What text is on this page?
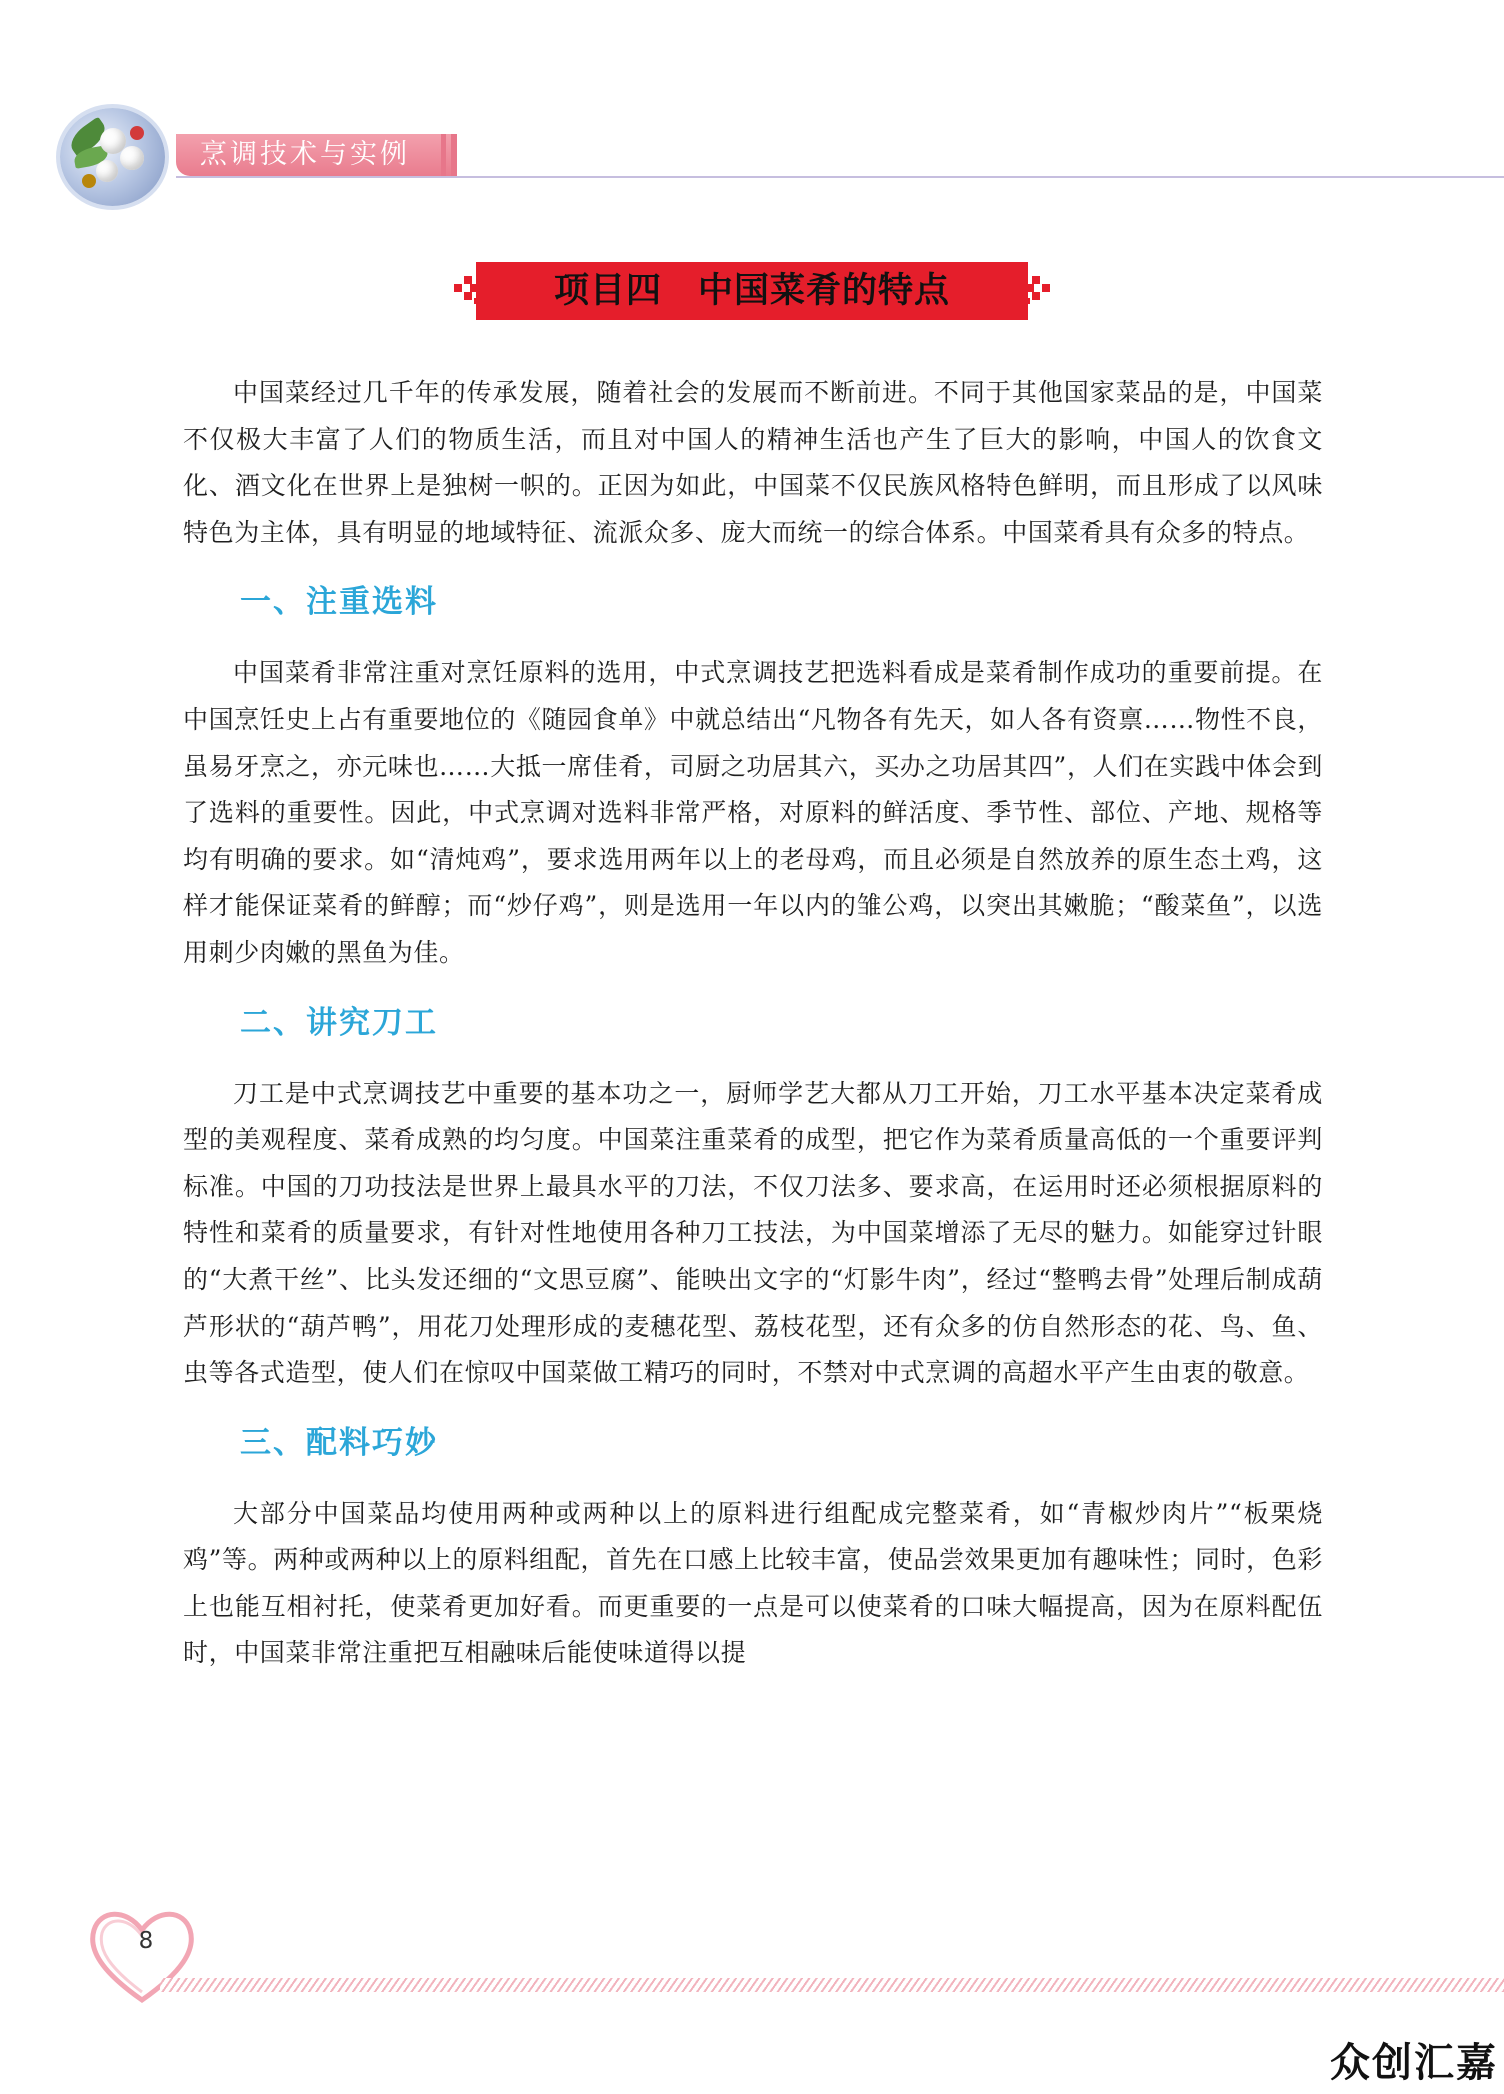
烹调技术与实例
项目四　中国菜肴的特点

中国菜经过几千年的传承发展，随着社会的发展而不断前进。不同于其他国家菜品的是，中国菜不仅极大丰富了人们的物质生活，而且对中国人的精神生活也产生了巨大的影响，中国人的饮食文化、酒文化在世界上是独树一帜的。正因为如此，中国菜不仅民族风格特色鲜明，而且形成了以风味特色为主体，具有明显的地域特征、流派众多、庞大而统一的综合体系。中国菜肴具有众多的特点。

一、注重选料

中国菜肴非常注重对烹饪原料的选用，中式烹调技艺把选料看成是菜肴制作成功的重要前提。在中国烹饪史上占有重要地位的《随园食单》中就总结出“凡物各有先天，如人各有资禀……物性不良，虽易牙烹之，亦元味也……大抵一席佳肴，司厨之功居其六，买办之功居其四”，人们在实践中体会到了选料的重要性。因此，中式烹调对选料非常严格，对原料的鲜活度、季节性、部位、产地、规格等均有明确的要求。如“清炖鸡”，要求选用两年以上的老母鸡，而且必须是自然放养的原生态土鸡，这样才能保证菜肴的鲜醇；而“炒仔鸡”，则是选用一年以内的雏公鸡，以突出其嫩脆；“酸菜鱼”，以选用刺少肉嫩的黑鱼为佳。

二、讲究刀工

刀工是中式烹调技艺中重要的基本功之一，厨师学艺大都从刀工开始，刀工水平基本决定菜肴成型的美观程度、菜肴成熟的均匀度。中国菜注重菜肴的成型，把它作为菜肴质量高低的一个重要评判标准。中国的刀功技法是世界上最具水平的刀法，不仅刀法多、要求高，在运用时还必须根据原料的特性和菜肴的质量要求，有针对性地使用各种刀工技法，为中国菜增添了无尽的魅力。如能穿过针眼的“大煮干丝”、比头发还细的“文思豆腐”、能映出文字的“灯影牛肉”，经过“整鸭去骨”处理后制成葫芦形状的“葫芦鸭”，用花刀处理形成的麦穗花型、荔枝花型，还有众多的仿自然形态的花、鸟、鱼、虫等各式造型，使人们在惊叹中国菜做工精巧的同时，不禁对中式烹调的高超水平产生由衷的敬意。

三、配料巧妙

大部分中国菜品均使用两种或两种以上的原料进行组配成完整菜肴，如“青椒炒肉片”“板栗烧鸡”等。两种或两种以上的原料组配，首先在口感上比较丰富，使品尝效果更加有趣味性；同时，色彩上也能互相衬托，使菜肴更加好看。而更重要的一点是可以使菜肴的口味大幅提高，因为在原料配伍时，中国菜非常注重把互相融味后能使味道得以提

8
众创汇嘉
